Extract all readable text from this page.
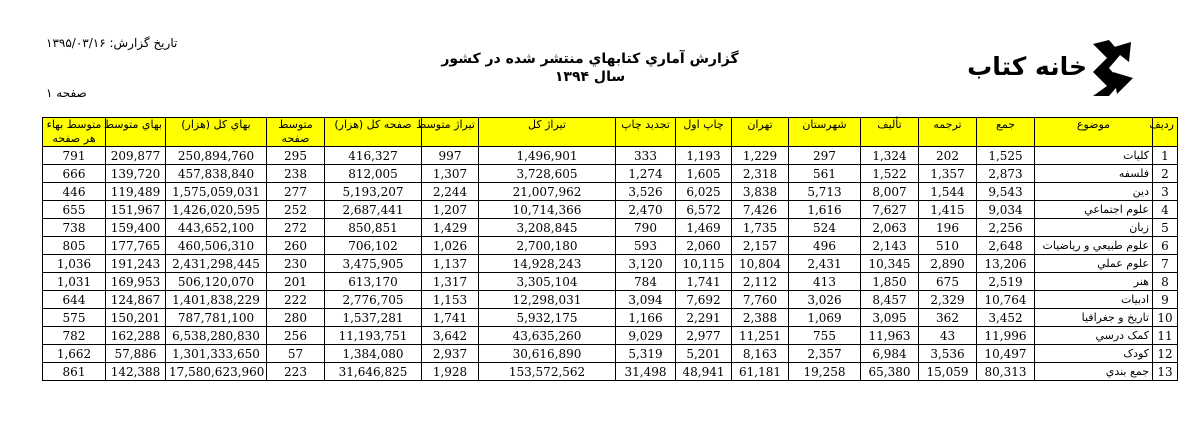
تاريخ گزارش: ۱۳۹۵/۰۳/۱۶
صفحه ۱
گزارش آماري کتابهاي منتشر شده در کشور
سال ۱۳۹۴	خانه کتاب
رديف	موضوع	جمع	ترجمه	تأليف	شهرستان	تهران	چاپ اول	تجديد چاپ	تيراژ کل	تيراژ متوسط	صفحه کل (هزار)	متوسط صفحه	بهاي کل (هزار)	بهاي متوسط	متوسط بهاء هر صفحه
1	کليات	1,525	202	1,324	297	1,229	1,193	333	1,496,901	997	416,327	295	250,894,760	209,877	791
2	فلسفه	2,873	1,357	1,522	561	2,318	1,605	1,274	3,728,605	1,307	812,005	238	457,838,840	139,720	666
3	دين	9,543	1,544	8,007	5,713	3,838	6,025	3,526	21,007,962	2,244	5,193,207	277	1,575,059,031	119,489	446
4	علوم اجتماعي	9,034	1,415	7,627	1,616	7,426	6,572	2,470	10,714,366	1,207	2,687,441	252	1,426,020,595	151,967	655
5	زبان	2,256	196	2,063	524	1,735	1,469	790	3,208,845	1,429	850,851	272	443,652,100	159,400	738
6	علوم طبيعي و رياضيات	2,648	510	2,143	496	2,157	2,060	593	2,700,180	1,026	706,102	260	460,506,310	177,765	805
7	علوم عملي	13,206	2,890	10,345	2,431	10,804	10,115	3,120	14,928,243	1,137	3,475,905	230	2,431,298,445	191,243	1,036
8	هنر	2,519	675	1,850	413	2,112	1,741	784	3,305,104	1,317	613,170	201	506,120,070	169,953	1,031
9	ادبيات	10,764	2,329	8,457	3,026	7,760	7,692	3,094	12,298,031	1,153	2,776,705	222	1,401,838,229	124,867	644
10	تاريخ و جغرافيا	3,452	362	3,095	1,069	2,388	2,291	1,166	5,932,175	1,741	1,537,281	280	787,781,100	150,201	575
11	کمک درسي	11,996	43	11,963	755	11,251	2,977	9,029	43,635,260	3,642	11,193,751	256	6,538,280,830	162,288	782
12	کودک	10,497	3,536	6,984	2,357	8,163	5,201	5,319	30,616,890	2,937	1,384,080	57	1,301,333,650	57,886	1,662
13	جمع بندي	80,313	15,059	65,380	19,258	61,181	48,941	31,498	153,572,562	1,928	31,646,825	223	17,580,623,960	142,388	861
